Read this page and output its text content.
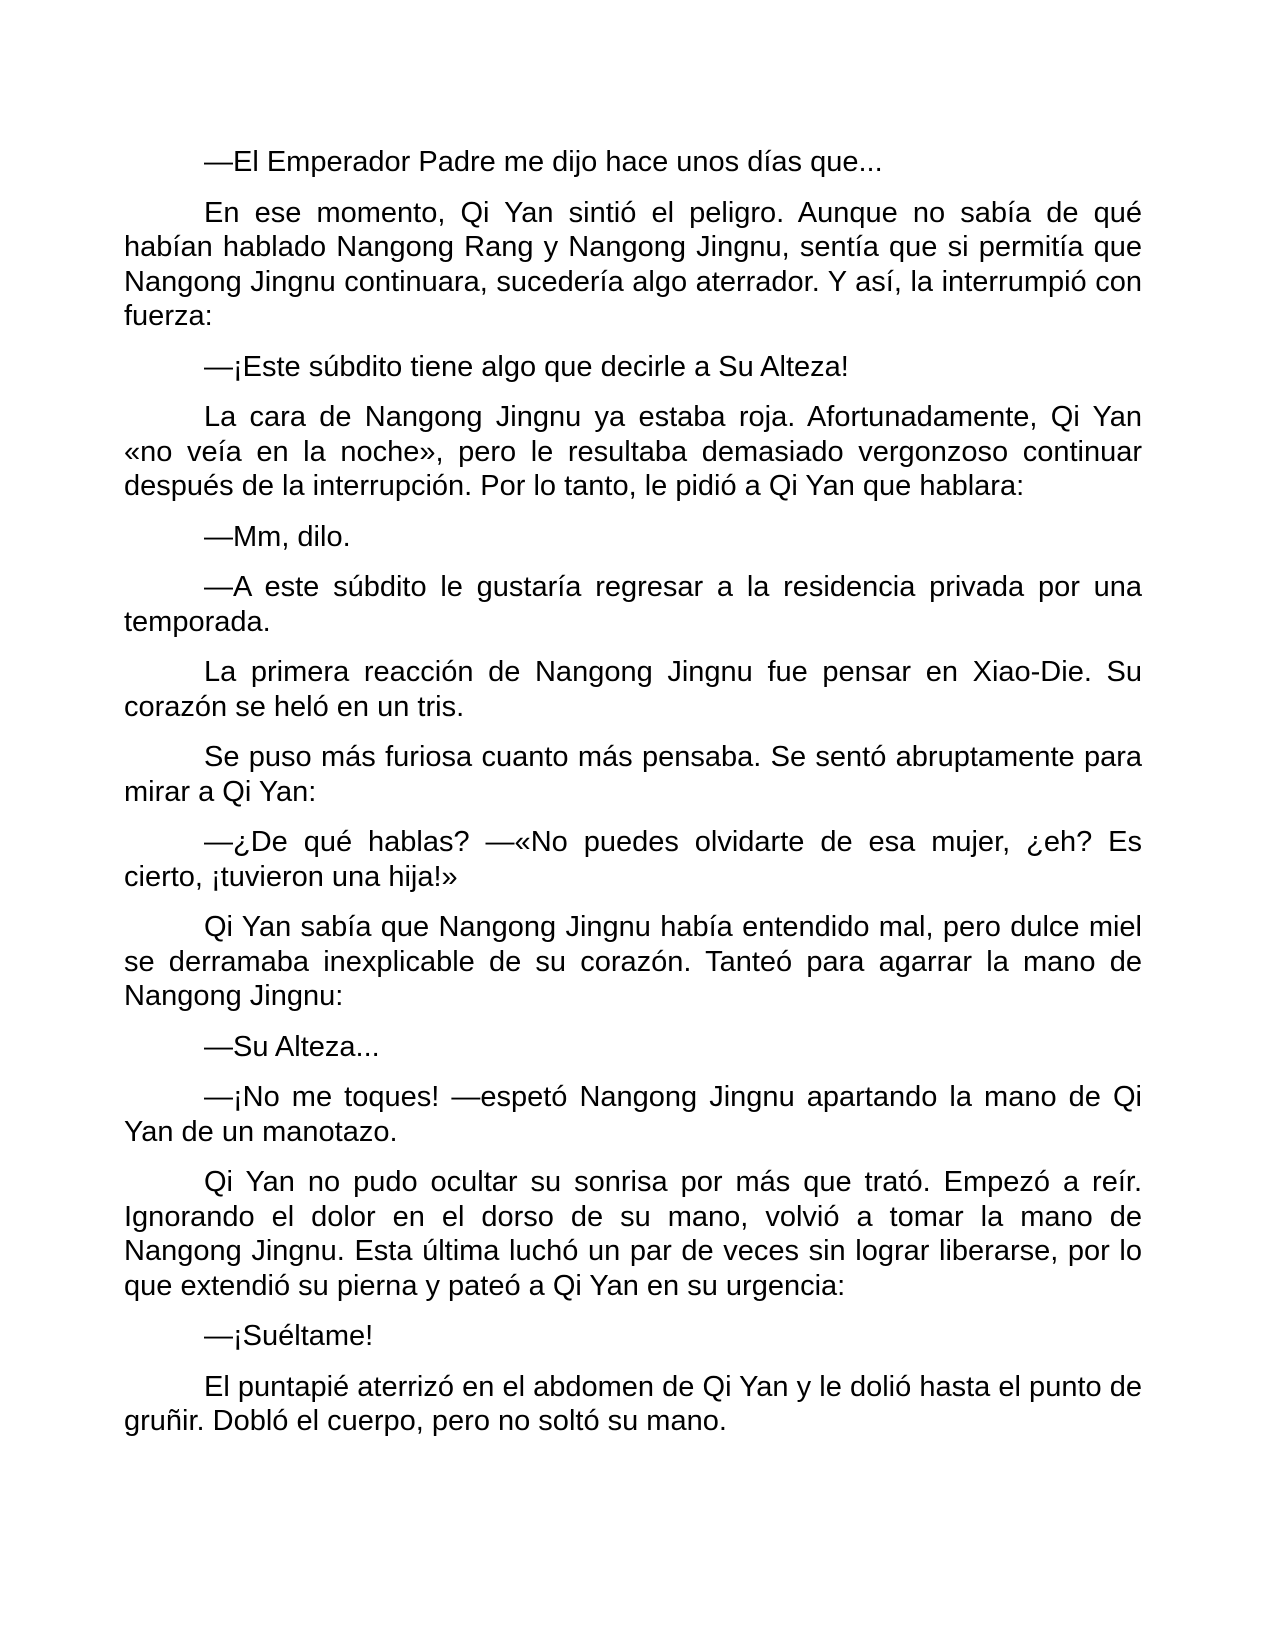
—El Emperador Padre me dijo hace unos días que...

En ese momento, Qi Yan sintió el peligro. Aunque no sabía de qué habían hablado Nangong Rang y Nangong Jingnu, sentía que si permitía que Nangong Jingnu continuara, sucedería algo aterrador. Y así, la interrumpió con fuerza:

—¡Este súbdito tiene algo que decirle a Su Alteza!

La cara de Nangong Jingnu ya estaba roja. Afortunadamente, Qi Yan «no veía en la noche», pero le resultaba demasiado vergonzoso continuar después de la interrupción. Por lo tanto, le pidió a Qi Yan que hablara:

—Mm, dilo.

—A este súbdito le gustaría regresar a la residencia privada por una temporada.

La primera reacción de Nangong Jingnu fue pensar en Xiao-Die. Su corazón se heló en un tris.

Se puso más furiosa cuanto más pensaba. Se sentó abruptamente para mirar a Qi Yan:

—¿De qué hablas? —«No puedes olvidarte de esa mujer, ¿eh? Es cierto, ¡tuvieron una hija!»

Qi Yan sabía que Nangong Jingnu había entendido mal, pero dulce miel se derramaba inexplicable de su corazón. Tanteó para agarrar la mano de Nangong Jingnu:

—Su Alteza...

—¡No me toques! —espetó Nangong Jingnu apartando la mano de Qi Yan de un manotazo.

Qi Yan no pudo ocultar su sonrisa por más que trató. Empezó a reír. Ignorando el dolor en el dorso de su mano, volvió a tomar la mano de Nangong Jingnu. Esta última luchó un par de veces sin lograr liberarse, por lo que extendió su pierna y pateó a Qi Yan en su urgencia:

—¡Suéltame!

El puntapié aterrizó en el abdomen de Qi Yan y le dolió hasta el punto de gruñir. Dobló el cuerpo, pero no soltó su mano.
